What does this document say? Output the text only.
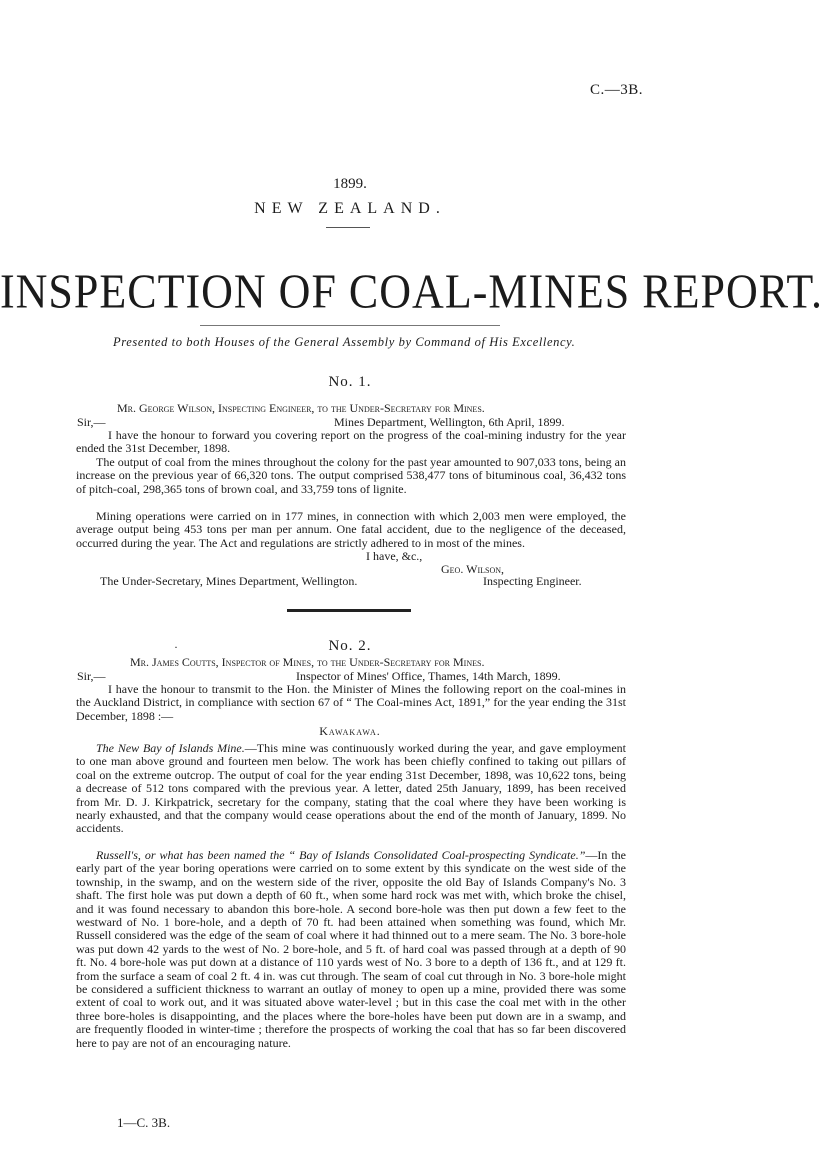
C.—3B.
1899.
NEW ZEALAND.
INSPECTION OF COAL-MINES REPORT.
Presented to both Houses of the General Assembly by Command of His Excellency.
No. 1.
Mr. George Wilson, Inspecting Engineer, to the Under-Secretary for Mines.
Sir,—	Mines Department, Wellington, 6th April, 1899.
I have the honour to forward you covering report on the progress of the coal-mining industry for the year ended the 31st December, 1898.
The output of coal from the mines throughout the colony for the past year amounted to 907,033 tons, being an increase on the previous year of 66,320 tons. The output comprised 538,477 tons of bituminous coal, 36,432 tons of pitch-coal, 298,365 tons of brown coal, and 33,759 tons of lignite.
Mining operations were carried on in 177 mines, in connection with which 2,003 men were employed, the average output being 453 tons per man per annum. One fatal accident, due to the negligence of the deceased, occurred during the year. The Act and regulations are strictly adhered to in most of the mines.
I have, &c.,
Geo. Wilson,
The Under-Secretary, Mines Department, Wellington.	Inspecting Engineer.
·	No. 2.
Mr. James Coutts, Inspector of Mines, to the Under-Secretary for Mines.
Sir,—	Inspector of Mines' Office, Thames, 14th March, 1899.
I have the honour to transmit to the Hon. the Minister of Mines the following report on the coal-mines in the Auckland District, in compliance with section 67 of “ The Coal-mines Act, 1891,” for the year ending the 31st December, 1898 :—
Kawakawa.
The New Bay of Islands Mine.—This mine was continuously worked during the year, and gave employment to one man above ground and fourteen men below. The work has been chiefly confined to taking out pillars of coal on the extreme outcrop. The output of coal for the year ending 31st December, 1898, was 10,622 tons, being a decrease of 512 tons compared with the previous year. A letter, dated 25th January, 1899, has been received from Mr. D. J. Kirkpatrick, secretary for the company, stating that the coal where they have been working is nearly exhausted, and that the company would cease operations about the end of the month of January, 1899. No accidents.
Russell's, or what has been named the “ Bay of Islands Consolidated Coal-prospecting Syndicate.”—In the early part of the year boring operations were carried on to some extent by this syndicate on the west side of the township, in the swamp, and on the western side of the river, opposite the old Bay of Islands Company's No. 3 shaft. The first hole was put down a depth of 60 ft., when some hard rock was met with, which broke the chisel, and it was found necessary to abandon this bore-hole. A second bore-hole was then put down a few feet to the westward of No. 1 bore-hole, and a depth of 70 ft. had been attained when something was found, which Mr. Russell considered was the edge of the seam of coal where it had thinned out to a mere seam. The No. 3 bore-hole was put down 42 yards to the west of No. 2 bore-hole, and 5 ft. of hard coal was passed through at a depth of 90 ft. No. 4 bore-hole was put down at a distance of 110 yards west of No. 3 bore to a depth of 136 ft., and at 129 ft. from the surface a seam of coal 2 ft. 4 in. was cut through. The seam of coal cut through in No. 3 bore-hole might be considered a sufficient thickness to warrant an outlay of money to open up a mine, provided there was some extent of coal to work out, and it was situated above water-level ; but in this case the coal met with in the other three bore-holes is disappointing, and the places where the bore-holes have been put down are in a swamp, and are frequently flooded in winter-time ; therefore the prospects of working the coal that has so far been discovered here to pay are not of an encouraging nature.
1—C. 3B.
